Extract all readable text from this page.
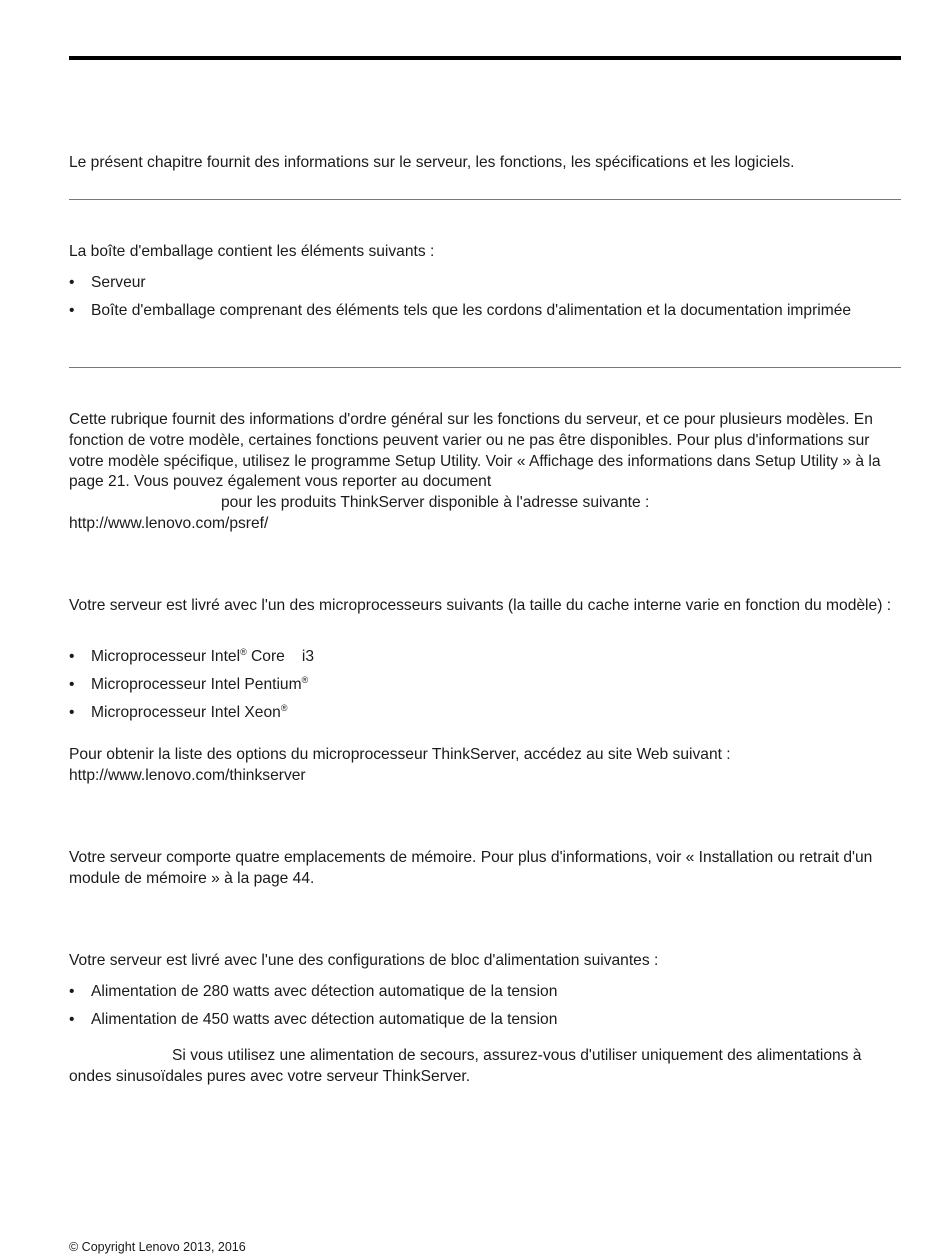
Le présent chapitre fournit des informations sur le serveur, les fonctions, les spécifications et les logiciels.

La boîte d'emballage contient les éléments suivants :

• Serveur
• Boîte d'emballage comprenant des éléments tels que les cordons d'alimentation et la documentation imprimée
Cette rubrique fournit des informations d'ordre général sur les fonctions du serveur, et ce pour plusieurs modèles. En fonction de votre modèle, certaines fonctions peuvent varier ou ne pas être disponibles. Pour plus d'informations sur votre modèle spécifique, utilisez le programme Setup Utility. Voir « Affichage des informations dans Setup Utility » à la page 21. Vous pouvez également vous reporter au document
pour les produits ThinkServer disponible à l'adresse suivante :
http://www.lenovo.com/psref/

Votre serveur est livré avec l'un des microprocesseurs suivants (la taille du cache interne varie en fonction du modèle) :

• Microprocesseur Intel® Core i3
• Microprocesseur Intel Pentium®
• Microprocesseur Intel Xeon®
Pour obtenir la liste des options du microprocesseur ThinkServer, accédez au site Web suivant :
http://www.lenovo.com/thinkserver

Votre serveur comporte quatre emplacements de mémoire. Pour plus d'informations, voir « Installation ou retrait d'un module de mémoire » à la page 44.

Votre serveur est livré avec l'une des configurations de bloc d'alimentation suivantes :

• Alimentation de 280 watts avec détection automatique de la tension
• Alimentation de 450 watts avec détection automatique de la tension

Si vous utilisez une alimentation de secours, assurez-vous d'utiliser uniquement des alimentations à ondes sinusoïdales pures avec votre serveur ThinkServer.

© Copyright Lenovo 2013, 2016
